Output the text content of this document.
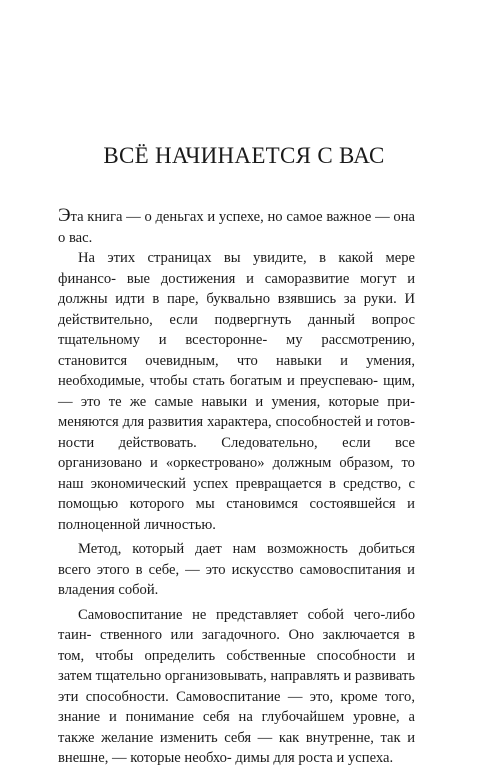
ВСЁ НАЧИНАЕТСЯ С ВАС

Эта книга — о деньгах и успехе, но самое важное — она о вас.

На этих страницах вы увидите, в какой мере финансо- вые достижения и саморазвитие могут и должны идти в паре, буквально взявшись за руки. И действительно, если подвергнуть данный вопрос тщательному и всесторонне- му рассмотрению, становится очевидным, что навыки и умения, необходимые, чтобы стать богатым и преуспеваю- щим, — это те же самые навыки и умения, которые при- меняются для развития характера, способностей и готов- ности действовать. Следовательно, если все организовано и «оркестровано» должным образом, то наш экономический успех превращается в средство, с помощью которого мы становимся состоявшейся и полноценной личностью.

Метод, который дает нам возможность добиться всего этого в себе, — это искусство самовоспитания и владения собой.

Самовоспитание не представляет собой чего-либо таин- ственного или загадочного. Оно заключается в том, чтобы определить собственные способности и затем тщательно организовывать, направлять и развивать эти способности. Самовоспитание — это, кроме того, знание и понимание себя на глубочайшем уровне, а также желание изменить себя — как внутренне, так и внешне, — которые необхо- димы для роста и успеха.
